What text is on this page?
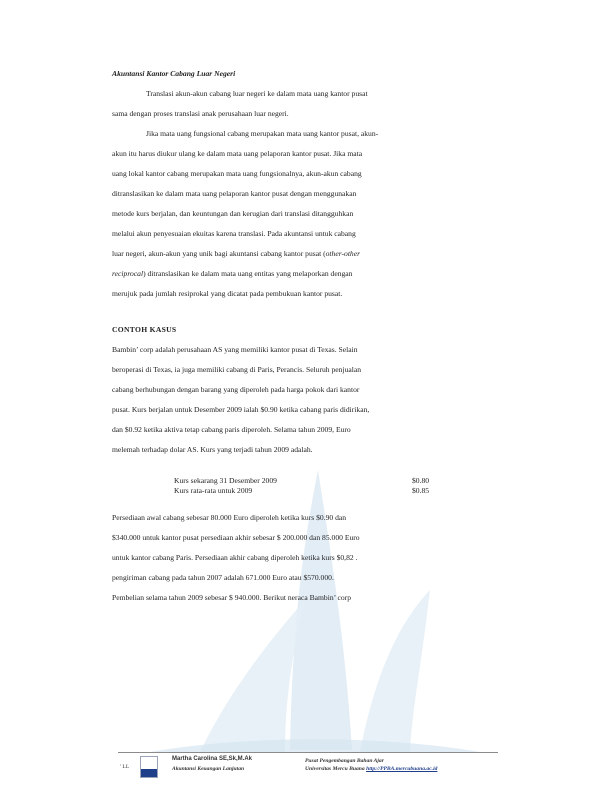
Akuntansi Kantor Cabang Luar Negeri
Translasi akun-akun cabang luar negeri ke dalam mata uang kantor pusat
sama dengan proses translasi anak perusahaan luar negeri.
Jika mata uang fungsional cabang merupakan mata uang kantor pusat, akun-
akun itu harus diukur ulang ke dalam mata uang pelaporan kantor pusat. Jika mata
uang lokal kantor cabang merupakan mata uang fungsionalnya, akun-akun cabang
ditranslasikan ke dalam mata uang pelaporan kantor pusat dengan menggunakan
metode kurs berjalan, dan keuntungan dan kerugian dari translasi ditangguhkan
melalui akun penyesuaian ekuitas karena translasi. Pada akuntansi untuk cabang
luar negeri, akun-akun yang unik bagi akuntansi cabang kantor pusat (other-other
reciprocal) ditranslasikan ke dalam mata uang entitas yang melaporkan dengan
merujuk pada jumlah resiprokal yang dicatat pada pembukuan kantor pusat.
CONTOH KASUS
Bambin’ corp adalah perusahaan AS yang memiliki kantor pusat di Texas. Selain
beroperasi di Texas, ia juga memiliki cabang di Paris, Perancis. Seluruh penjualan
cabang berhubungan dengan barang yang diperoleh pada harga pokok dari kantor
pusat. Kurs berjalan untuk Desember 2009 ialah $0.90 ketika cabang paris didirikan,
dan $0.92 ketika aktiva tetap cabang paris diperoleh. Selama tahun 2009, Euro
melemah terhadap dolar AS. Kurs yang terjadi tahun 2009 adalah.
Kurs sekarang 31 Desember 2009	$0.80
Kurs rata-rata untuk 2009	$0.85
Persediaan awal cabang sebesar 80.000 Euro diperoleh ketika kurs $0.90 dan
$340.000 untuk kantor pusat persediaan akhir sebesar $ 200.000 dan 85.000 Euro
untuk kantor cabang Paris. Persediaan akhir cabang diperoleh ketika kurs $0,82 .
pengiriman cabang pada tahun 2007 adalah 671.000 Euro atau $570.000.
Pembelian selama tahun 2009 sebesar $ 940.000. Berikut neraca Bambin’ corp
' LL	3
Martha Carolina SE,Sk,M.Ak
Akuntansi Keuangan Lanjutan
Pusat Pengembangan Bahan Ajar
Universitas Mercu Buana http://PPBA.mercubuana.ac.id
